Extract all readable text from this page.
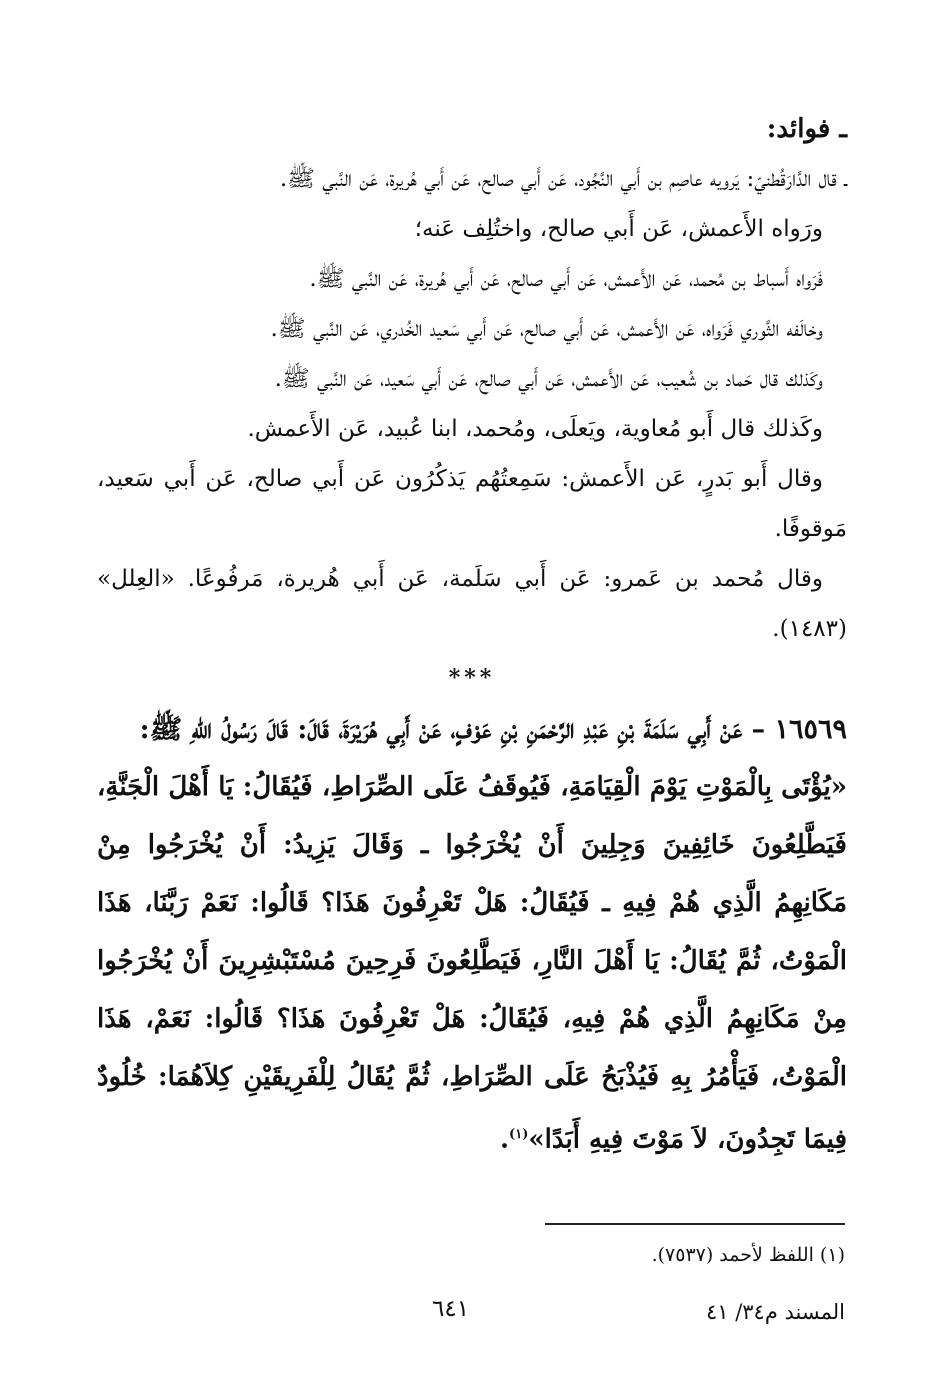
ـ فوائد:

ـ قال الدَّارَقُطنيّ: يَرويه عاصِم بن أَبي النَّجُود، عَن أَبي صالح، عَن أَبي هُريرة، عَن النَّبي ﷺ.

ورَواه الأَعمش، عَن أَبي صالح، واختُلِف عَنه؛

فَرَواه أَسباط بن مُحمد، عَن الأَعمش، عَن أَبي صالح، عَن أَبي هُريرة، عَن النَّبي ﷺ.

وخالَفه الثَّوري فَرَواه، عَن الأَعمش، عَن أَبي صالح، عَن أَبي سَعيد الخُدري، عَن النَّبي ﷺ.

وكَذلك قال حَماد بن شُعيب، عَن الأَعمش، عَن أَبي صالح، عَن أَبي سَعيد، عَن النَّبي ﷺ.

وكَذلك قال أَبو مُعاوية، ويَعلَى، ومُحمد، ابنا عُبيد، عَن الأَعمش.

وقال أَبو بَدرٍ، عَن الأَعمش: سَمِعتُهُم يَذكُرُون عَن أَبي صالح، عَن أَبي سَعيد، مَوقوفًا.

وقال مُحمد بن عَمرو: عَن أَبي سَلَمة، عَن أَبي هُريرة، مَرفُوعًا. «العِلل» (١٤٨٣).

***

١٦٥٦٩ – عَنْ أَبِي سَلَمَةَ بْنِ عَبْدِ الرَّحْمَنِ بْنِ عَوْفٍ، عَنْ أَبِي هُرَيْرَةَ، قَالَ: قَالَ رَسُولُ اللهِ ﷺ:

«يُؤْتَى بِالْمَوْتِ يَوْمَ الْقِيَامَةِ، فَيُوقَفُ عَلَى الصِّرَاطِ، فَيُقَالُ: يَا أَهْلَ الْجَنَّةِ، فَيَطَّلِعُونَ خَائِفِينَ وَجِلِينَ أَنْ يُخْرَجُوا ـ وَقَالَ يَزِيدُ: أَنْ يُخْرَجُوا مِنْ مَكَانِهِمُ الَّذِي هُمْ فِيهِ ـ فَيُقَالُ: هَلْ تَعْرِفُونَ هَذَا؟ قَالُوا: نَعَمْ رَبَّنَا، هَذَا الْمَوْتُ، ثُمَّ يُقَالُ: يَا أَهْلَ النَّارِ، فَيَطَّلِعُونَ فَرِحِينَ مُسْتَبْشِرِينَ أَنْ يُخْرَجُوا مِنْ مَكَانِهِمُ الَّذِي هُمْ فِيهِ، فَيُقَالُ: هَلْ تَعْرِفُونَ هَذَا؟ قَالُوا: نَعَمْ، هَذَا الْمَوْتُ، فَيَأْمُرُ بِهِ فَيُذْبَحُ عَلَى الصِّرَاطِ، ثُمَّ يُقَالُ لِلْفَرِيقَيْنِ كِلاَهُمَا: خُلُودٌ فِيمَا تَجِدُونَ، لاَ مَوْتَ فِيهِ أَبَدًا»$^{(١)}$.

(١) اللفظ لأحمد (٧٥٣٧).
المسند م٣٤/ ٤١
٦٤١
